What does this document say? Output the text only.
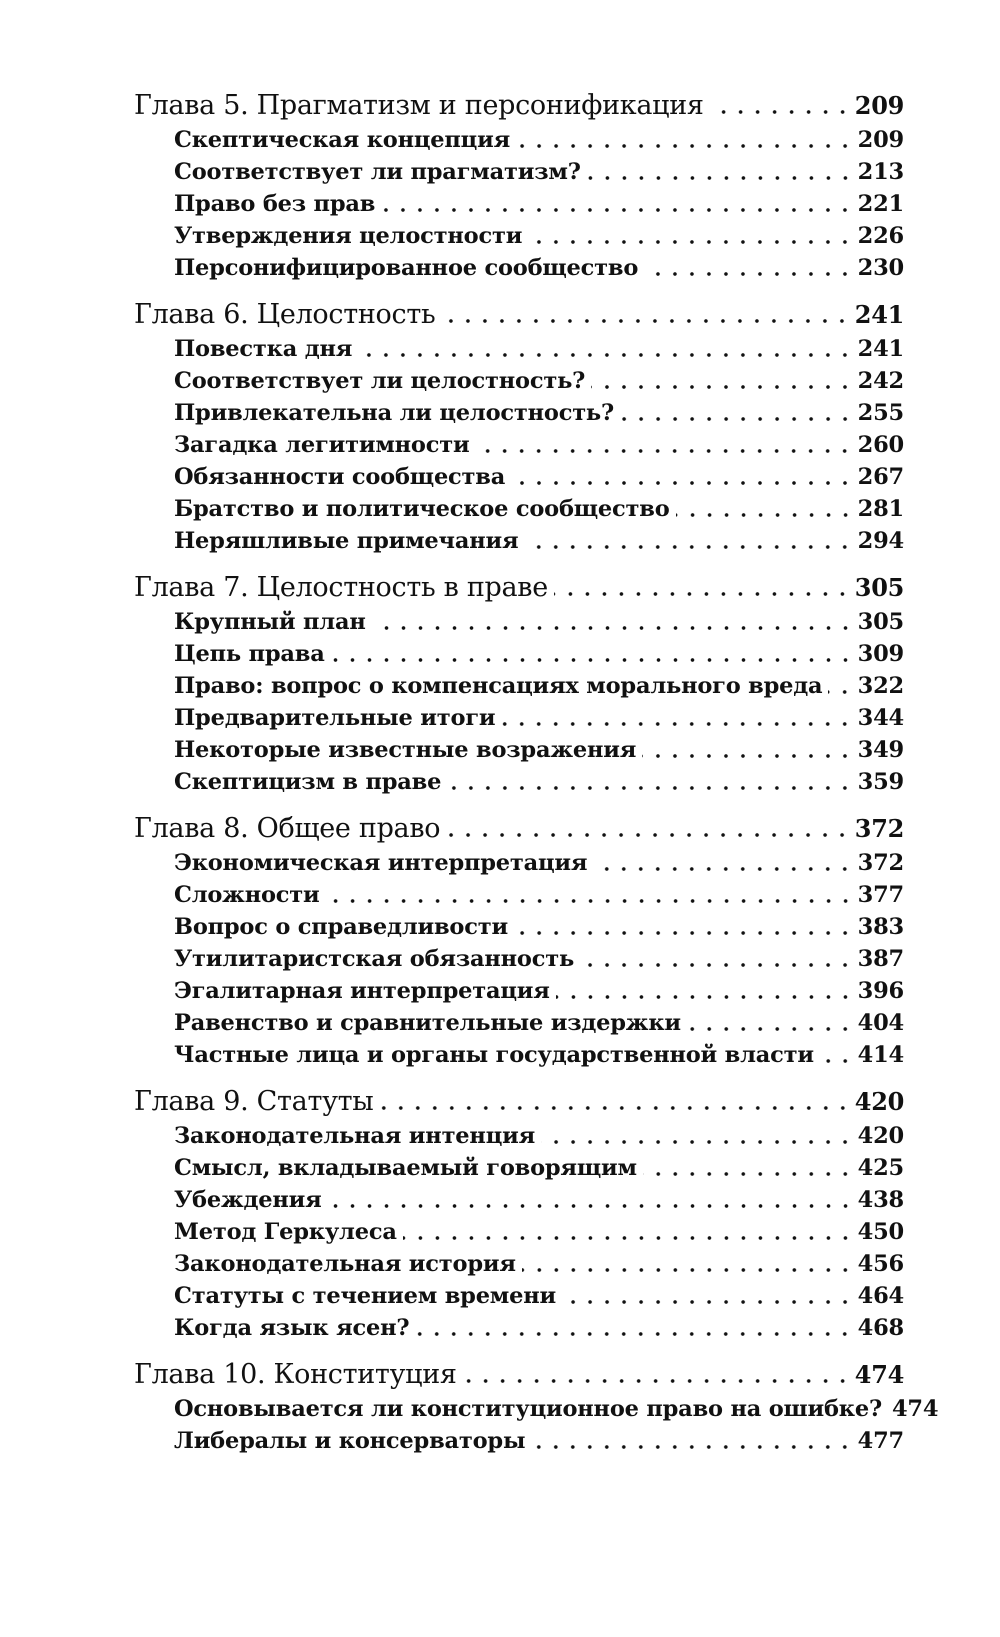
Глава 5. Прагматизм и персонификация	209
Скептическая концепция	209
Соответствует ли прагматизм?	213
Право без прав	221
Утверждения целостности	226
Персонифицированное сообщество	230
Глава 6. Целостность	241
Повестка дня	241
Соответствует ли целостность?	242
Привлекательна ли целостность?	255
Загадка легитимности	260
Обязанности сообщества	267
Братство и политическое сообщество	281
Неряшливые примечания	294
Глава 7. Целостность в праве	305
Крупный план	305
Цепь права	309
Право: вопрос о компенсациях морального вреда 322
Предварительные итоги	344
Некоторые известные возражения	349
Скептицизм в праве	359
Глава 8. Общее право	372
Экономическая интерпретация	372
Сложности	377
Вопрос о справедливости	383
Утилитаристская обязанность	387
Эгалитарная интерпретация	396
Равенство и сравнительные издержки	404
Частные лица и органы государственной власти 414
Глава 9. Статуты	420
Законодательная интенция	420
Смысл, вкладываемый говорящим	425
Убеждения	438
Метод Геркулеса	450
Законодательная история	456
Статуты с течением времени	464
Когда язык ясен?	468
Глава 10. Конституция	474
Основывается ли конституционное право на ошибке? 474
Либералы и консерваторы	477
